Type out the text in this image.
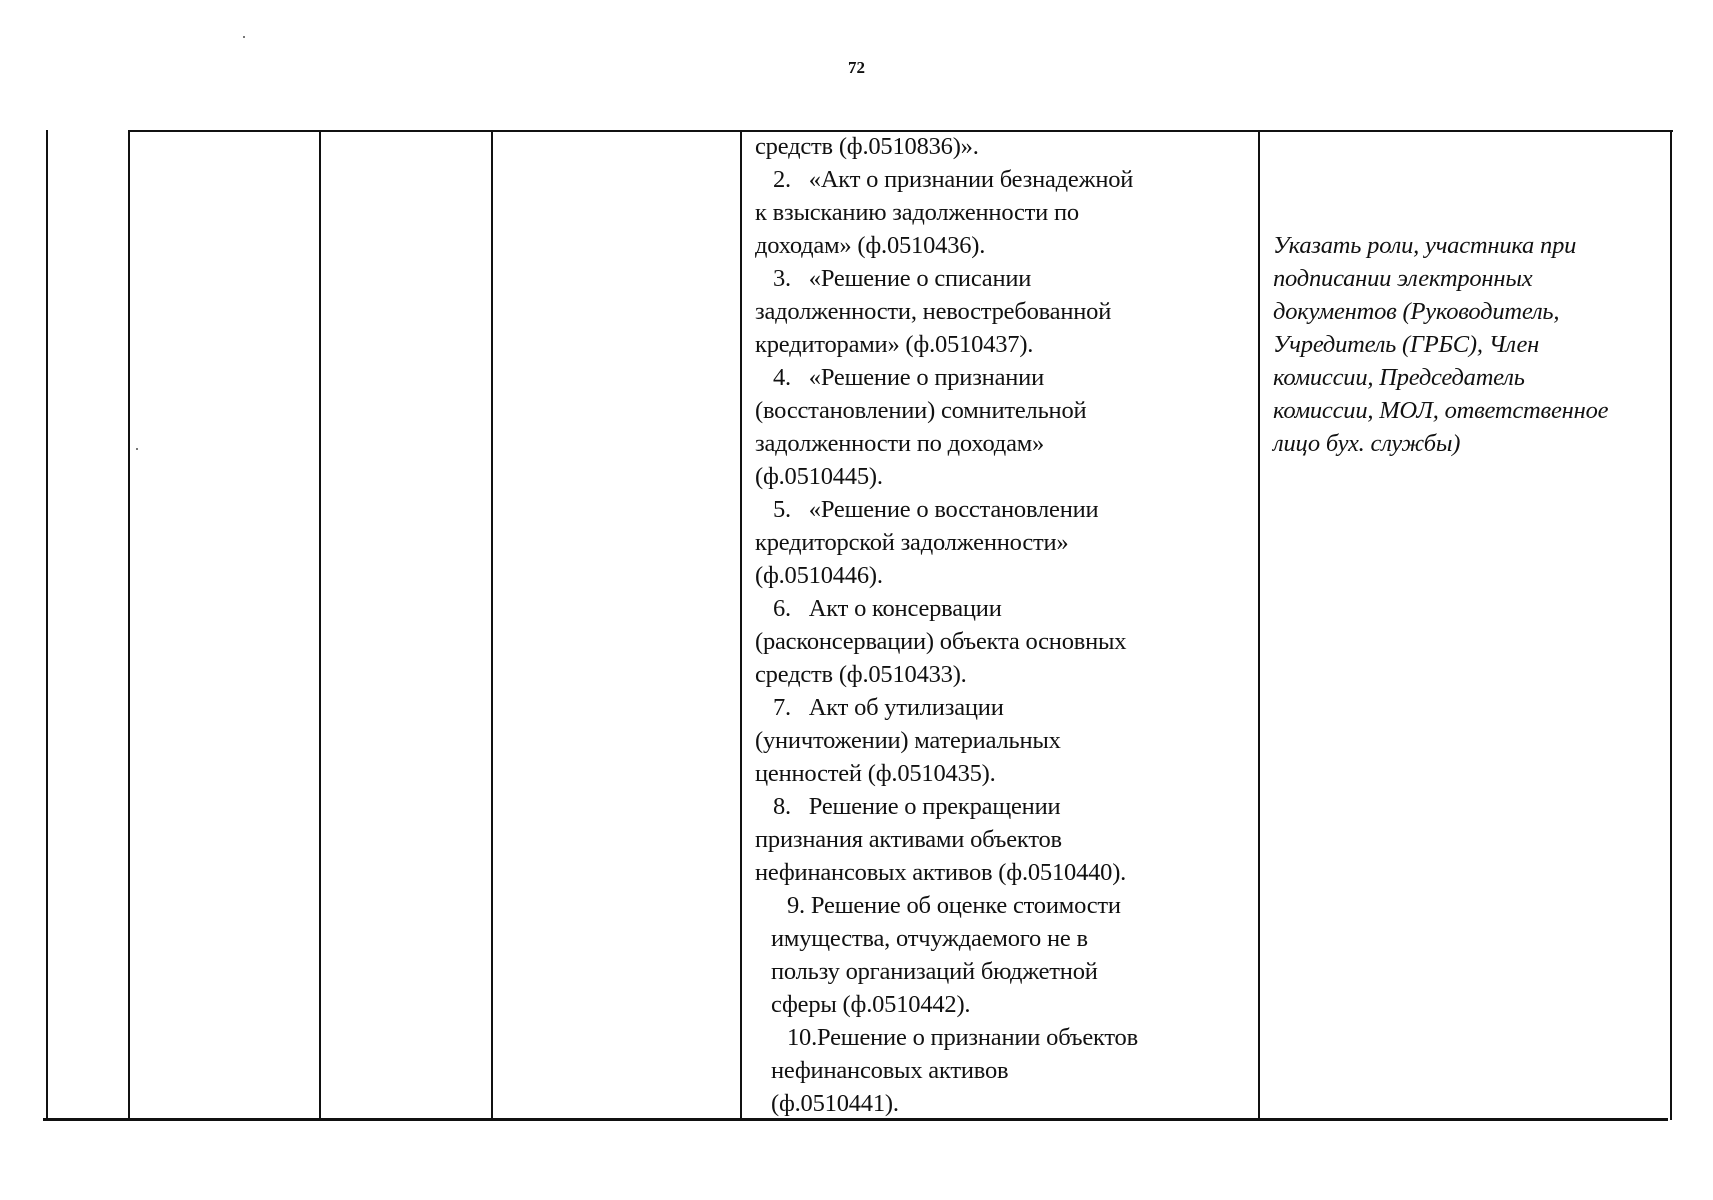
72
средств (ф.0510836)».
2. «Акт о признании безнадежной
к взысканию задолженности по
доходам» (ф.0510436).
3. «Решение о списании
задолженности, невостребованной
кредиторами» (ф.0510437).
4. «Решение о признании
(восстановлении) сомнительной
задолженности по доходам»
(ф.0510445).
5. «Решение о восстановлении
кредиторской задолженности»
(ф.0510446).
6. Акт о консервации
(расконсервации) объекта основных
средств (ф.0510433).
7. Акт об утилизации
(уничтожении) материальных
ценностей (ф.0510435).
8. Решение о прекращении
признания активами объектов
нефинансовых активов (ф.0510440).
9. Решение об оценке стоимости
имущества, отчуждаемого не в
пользу организаций бюджетной
сферы (ф.0510442).
10.Решение о признании объектов
нефинансовых активов
(ф.0510441).
Указать роли, участника при
подписании электронных
документов (Руководитель,
Учредитель (ГРБС), Член
комиссии, Председатель
комиссии, МОЛ, ответственное
лицо бух. службы)
